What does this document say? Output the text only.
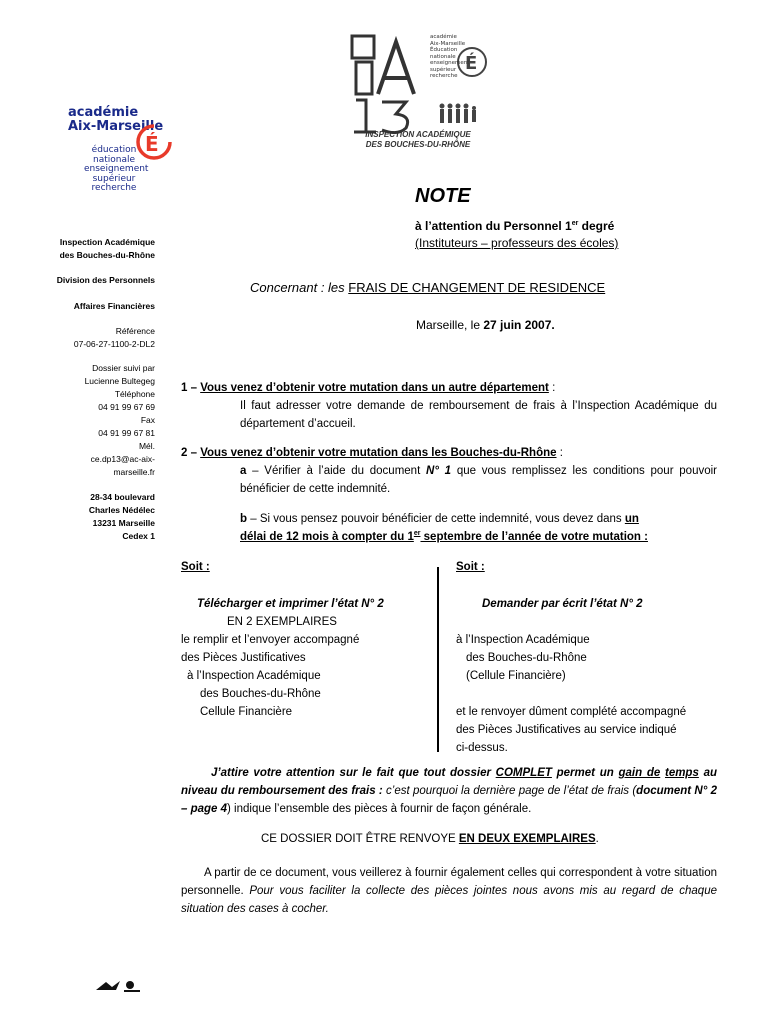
É
académie
Aix-Marseille
Éducation
nationale
enseignement
supérieur
recherche
INSPECTION ACADÉMIQUE
DES BOUCHES-DU-RHÔNE
académie
Aix-Marseille
É
éducation
nationale
enseignement
supérieur
recherche
Inspection Académique
des Bouches-du-Rhône
Division des Personnels
Affaires Financières
Référence
07-06-27-1100-2-DL2
Dossier suivi par
Lucienne Bultegeg
Téléphone
04 91 99 67 69
Fax
04 91 99 67 81
Mél.
ce.dp13@ac-aix-
marseille.fr
28-34 boulevard
Charles Nédélec
13231 Marseille
Cedex 1
NOTE
à l’attention du Personnel 1er degré
(Instituteurs – professeurs des écoles)
Concernant : les FRAIS DE CHANGEMENT DE RESIDENCE
Marseille, le 27 juin 2007.
1 – Vous venez d’obtenir votre mutation dans un autre département :
Il faut adresser votre demande de remboursement de frais à l’Inspection Académique du département d’accueil.
2 – Vous venez d’obtenir votre mutation dans les Bouches-du-Rhône :
a – Vérifier à l’aide du document N° 1 que vous remplissez les conditions pour pouvoir bénéficier de cette indemnité.
b – Si vous pensez pouvoir bénéficier de cette indemnité, vous devez dans un
délai de 12 mois à compter du 1er septembre de l’année de votre mutation :
Soit :
Télécharger et imprimer l’état N° 2
EN 2 EXEMPLAIRES
le remplir et l’envoyer accompagné
des Pièces Justificatives
à l’Inspection Académique
des Bouches-du-Rhône
Cellule Financière
Soit :
Demander par écrit l’état N° 2
à l’Inspection Académique
des Bouches-du-Rhône
(Cellule Financière)
et le renvoyer dûment complété accompagné
des Pièces Justificatives au service indiqué
ci-dessus.
J’attire votre attention sur le fait que tout dossier COMPLET permet un gain de temps au niveau du remboursement des frais : c’est pourquoi la dernière page de l’état de frais (document N° 2 – page 4) indique l’ensemble des pièces à fournir de façon générale.
CE DOSSIER DOIT ÊTRE RENVOYE EN DEUX EXEMPLAIRES.
A partir de ce document, vous veillerez à fournir également celles qui correspondent à votre situation personnelle. Pour vous faciliter la collecte des pièces jointes nous avons mis au regard de chaque situation des cases à cocher.
